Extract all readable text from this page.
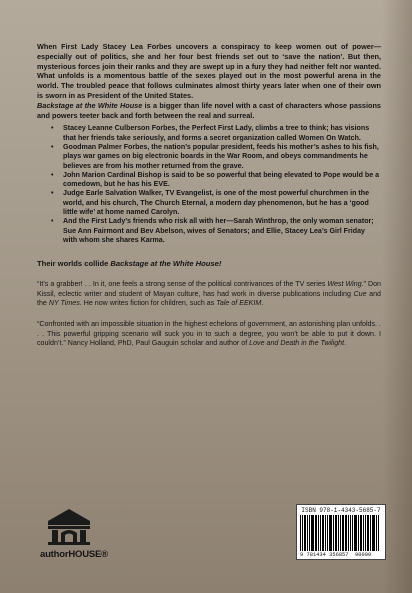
When First Lady Stacey Lea Forbes uncovers a conspiracy to keep women out of power—especially out of politics, she and her four best friends set out to ‘save the nation’. But then, mysterious forces join their ranks and they are swept up in a fury they had neither felt nor wanted. What unfolds is a momentous battle of the sexes played out in the most powerful arena in the world. The troubled peace that follows culminates almost thirty years later when one of their own is sworn in as President of the United States.

Backstage at the White House is a bigger than life novel with a cast of characters whose passions and powers teeter back and forth between the real and surreal.

• Stacey Leanne Culberson Forbes, the Perfect First Lady, climbs a tree to think; has visions that her friends take seriously, and forms a secret organization called Women On Watch.
• Goodman Palmer Forbes, the nation’s popular president, feeds his mother’s ashes to his fish, plays war games on big electronic boards in the War Room, and obeys commandments he believes are from his mother returned from the grave.
• John Marion Cardinal Bishop is said to be so powerful that being elevated to Pope would be a comedown, but he has his EVE.
• Judge Earle Salvation Walker, TV Evangelist, is one of the most powerful churchmen in the world, and his church, The Church Eternal, a modern day phenomenon, but he has a ‘good little wife’ at home named Carolyn.
• And the First Lady’s friends who risk all with her—Sarah Winthrop, the only woman senator; Sue Ann Fairmont and Bev Abelson, wives of Senators; and Ellie, Stacey Lea’s Girl Friday with whom she shares Karma.

Their worlds collide Backstage at the White House!

“It’s a grabber! . . In it, one feels a strong sense of the political contrivances of the TV series West Wing.” Don Kissil, eclectic writer and student of Mayan culture, has had work in diverse publications including Cue and the NY Times. He now writes fiction for children, such as Tale of EEKIM.

“Confronted with an impossible situation in the highest echelons of government, an astonishing plan unfolds. . . . This powerful gripping scenario will suck you in to such a degree, you won’t be able to put it down. I couldn’t.” Nancy Holland, PhD, Paul Gauguin scholar and author of Love and Death in the Twilight.

authorHOUSE®
ISBN 978-1-4343-5685-7
9 781434 356857 90000
